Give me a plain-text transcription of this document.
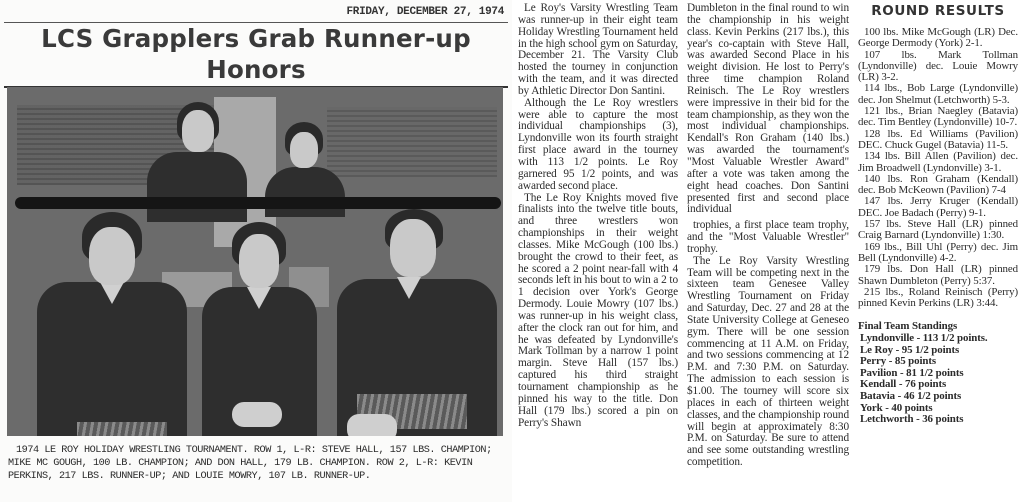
FRIDAY, DECEMBER 27, 1974
LCS Grapplers Grab Runner-up Honors
1974 LE ROY HOLIDAY WRESTLING TOURNAMENT. ROW 1, L-R: STEVE HALL, 157 LBS. CHAMPION; MIKE MC GOUGH, 100 LB. CHAMPION; AND DON HALL, 179 LB. CHAMPION. ROW 2, L-R: KEVIN PERKINS, 217 LBS. RUNNER-UP; AND LOUIE MOWRY, 107 LB. RUNNER-UP.

Le Roy's Varsity Wrestling Team was runner-up in their eight team Holiday Wrestling Tournament held in the high school gym on Saturday, December 21. The Varsity Club hosted the tourney in conjunction with the team, and it was directed by Athletic Director Don Santini.

Although the Le Roy wrestlers were able to capture the most individual championships (3), Lyndonville won its fourth straight first place award in the tourney with 113 1/2 points. Le Roy garnered 95 1/2 points, and was awarded second place.

The Le Roy Knights moved five finalists into the twelve title bouts, and three wrestlers won championships in their weight classes. Mike McGough (100 lbs.) brought the crowd to their feet, as he scored a 2 point near-fall with 4 seconds left in his bout to win a 2 to 1 decision over York's George Dermody. Louie Mowry (107 lbs.) was runner-up in his weight class, after the clock ran out for him, and he was defeated by Lyndonville's Mark Tollman by a narrow 1 point margin. Steve Hall (157 lbs.) captured his third straight tournament championship as he pinned his way to the title. Don Hall (179 lbs.) scored a pin on Perry's Shawn

Dumbleton in the final round to win the championship in his weight class. Kevin Perkins (217 lbs.), this year's co-captain with Steve Hall, was awarded Second Place in his weight division. He lost to Perry's three time champion Roland Reinisch. The Le Roy wrestlers were impressive in their bid for the team championship, as they won the most individual championships. Kendall's Ron Graham (140 lbs.) was awarded the tournament's "Most Valuable Wrestler Award" after a vote was taken among the eight head coaches. Don Santini presented first and second place individual

trophies, a first place team trophy, and the "Most Valuable Wrestler" trophy.

The Le Roy Varsity Wrestling Team will be competing next in the sixteen team Genesee Valley Wrestling Tournament on Friday and Saturday, Dec. 27 and 28 at the State University College at Geneseo gym. There will be one session commencing at 11 A.M. on Friday, and two sessions commencing at 12 P.M. and 7:30 P.M. on Saturday. The admission to each session is $1.00. The tourney will score six places in each of thirteen weight classes, and the championship round will begin at approximately 8:30 P.M. on Saturday. Be sure to attend and see some outstanding wrestling competition.

ROUND RESULTS

100 lbs. Mike McGough (LR) Dec. George Dermody (York) 2-1.

107 lbs. Mark Tollman (Lyndonville) dec. Louie Mowry (LR) 3-2.

114 lbs., Bob Large (Lyndonville) dec. Jon Shelmut (Letchworth) 5-3.

121 lbs., Brian Naegley (Batavia) dec. Tim Bentley (Lyndonville) 10-7.

128 lbs. Ed Williams (Pavilion) DEC. Chuck Gugel (Batavia) 11-5.

134 lbs. Bill Allen (Pavilion) dec. Jim Broadwell (Lyndonville) 3-1.

140 lbs. Ron Graham (Kendall) dec. Bob McKeown (Pavilion) 7-4

147 lbs. Jerry Kruger (Kendall) DEC. Joe Badach (Perry) 9-1.

157 lbs. Steve Hall (LR) pinned Craig Barnard (Lyndonville) 1:30.

169 lbs., Bill Uhl (Perry) dec. Jim Bell (Lyndonville) 4-2.

179 lbs. Don Hall (LR) pinned Shawn Dumbleton (Perry) 5:37.

215 lbs., Roland Reinisch (Perry) pinned Kevin Perkins (LR) 3:44.

Final Team Standings
Lyndonville - 113 1/2 points.
Le Roy - 95 1/2 points
Perry - 85 points
Pavilion - 81 1/2 points
Kendall - 76 points
Batavia - 46 1/2 points
York - 40 points
Letchworth - 36 points
